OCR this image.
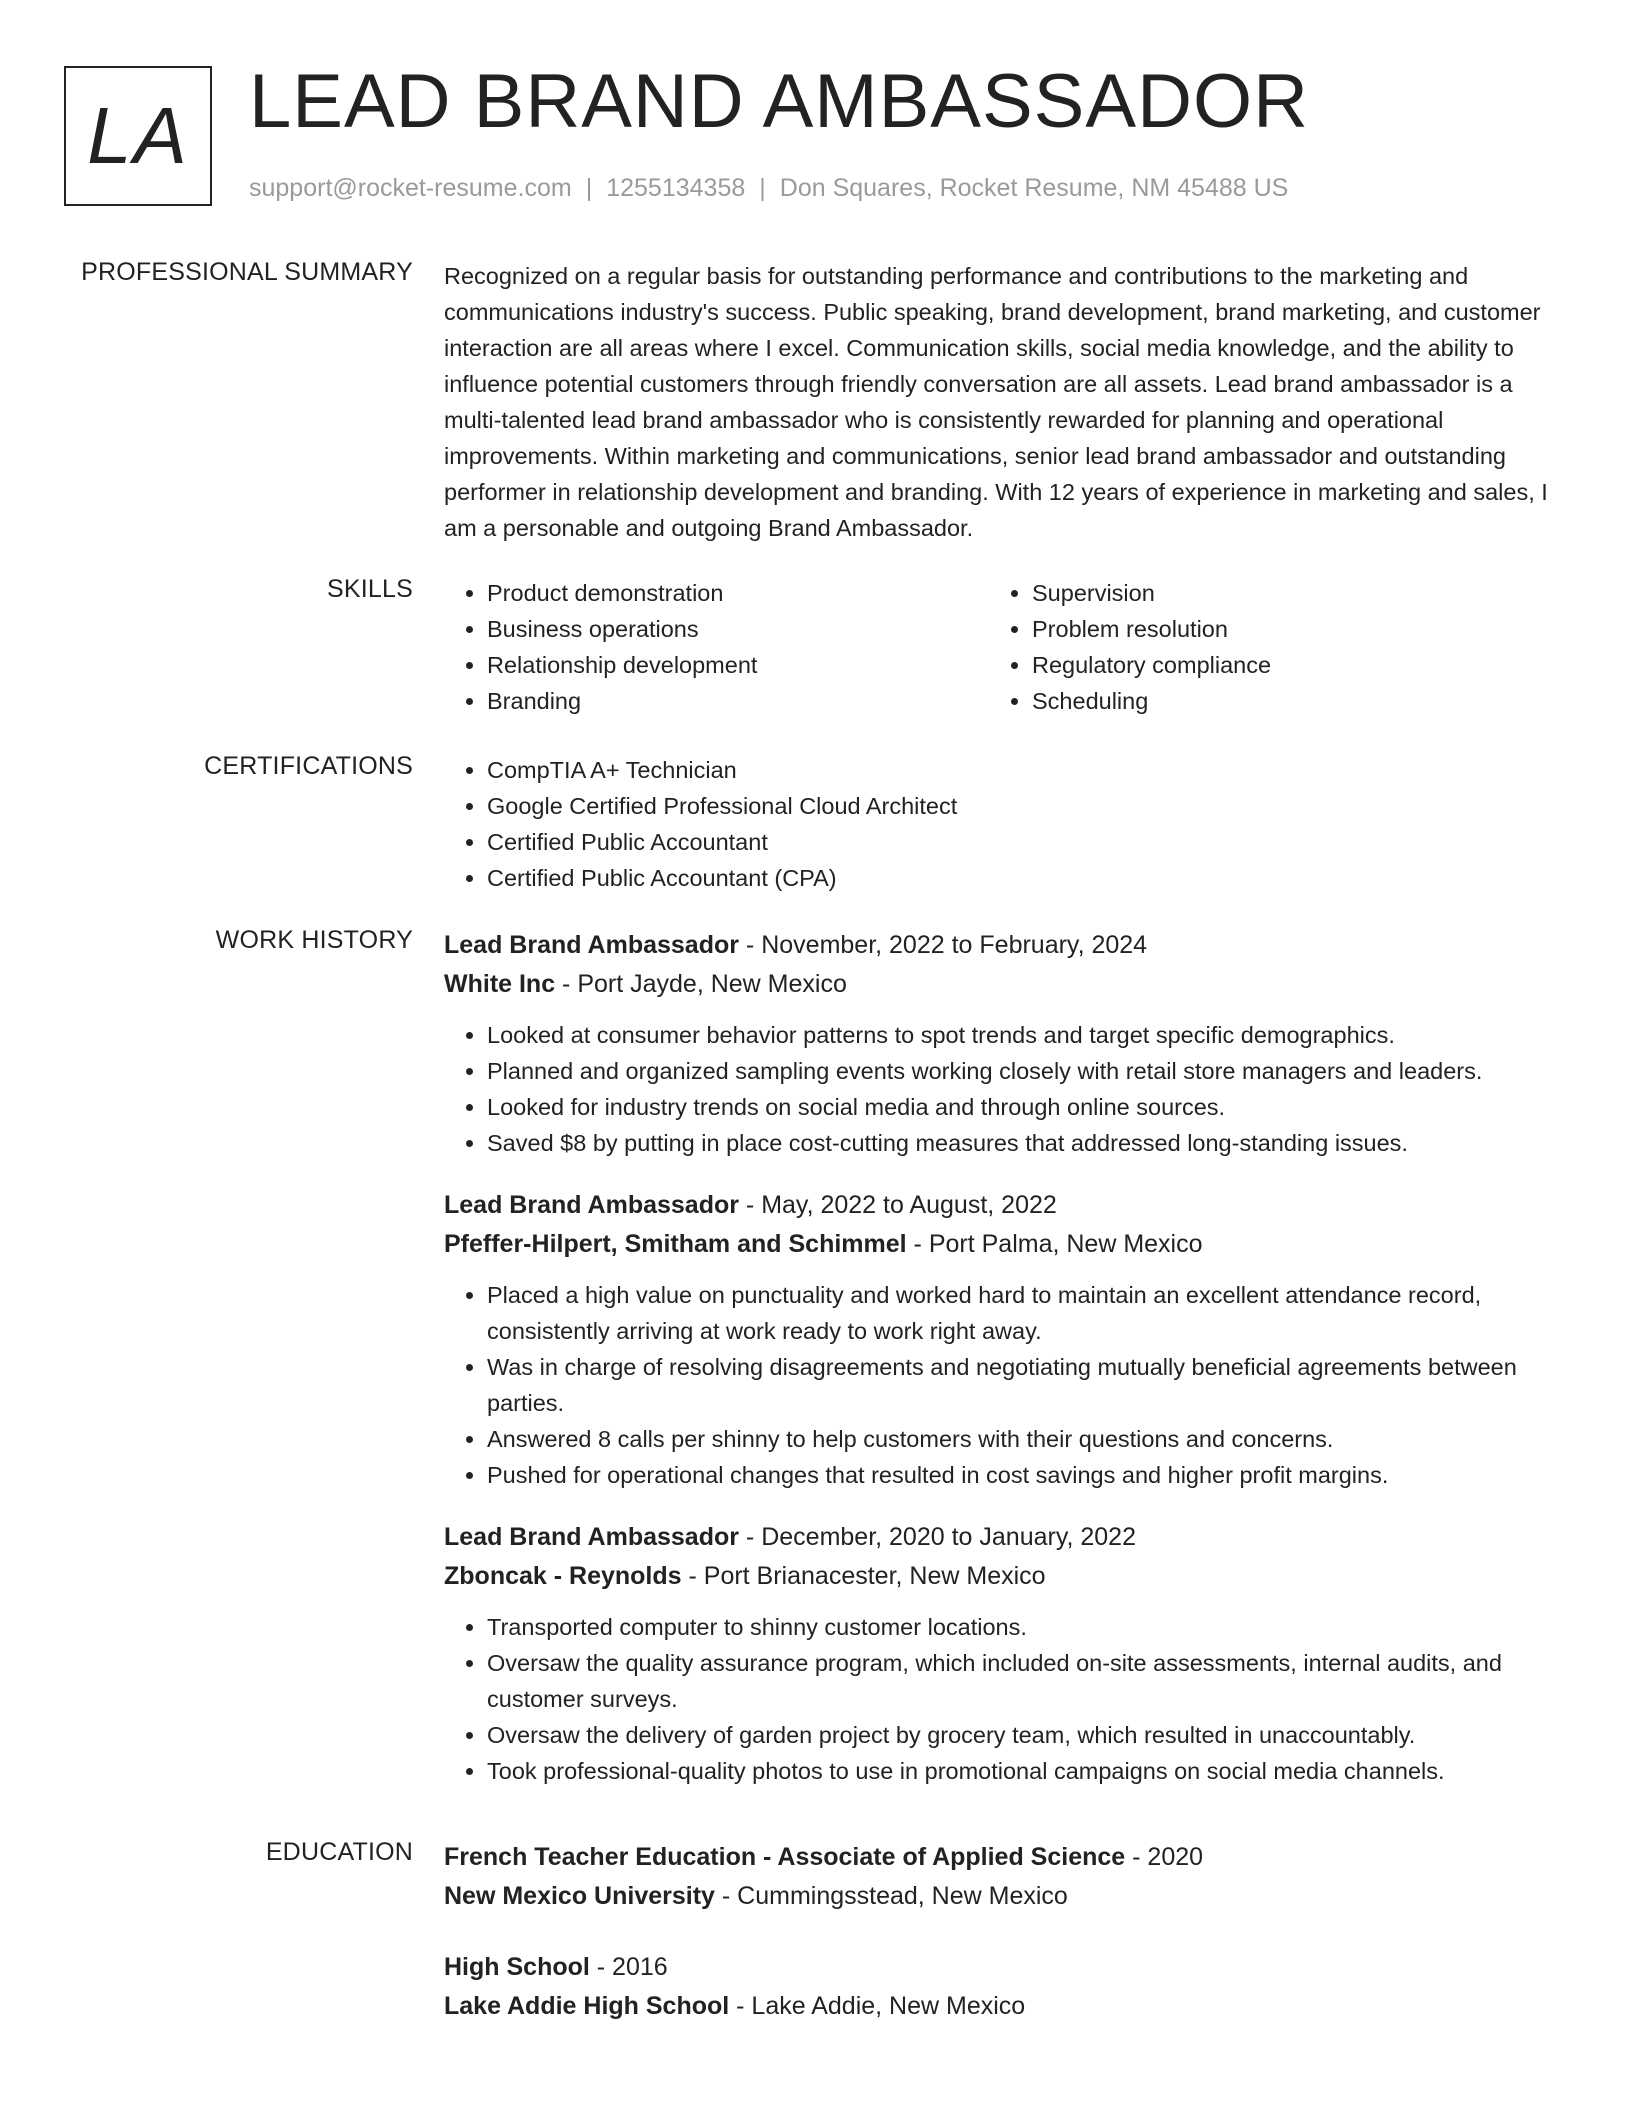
LA LEAD BRAND AMBASSADOR
support@rocket-resume.com | 1255134358 | Don Squares, Rocket Resume, NM 45488 US
PROFESSIONAL SUMMARY Recognized on a regular basis for outstanding performance and contributions to the marketing and communications industry's success. Public speaking, brand development, brand marketing, and customer interaction are all areas where I excel. Communication skills, social media knowledge, and the ability to influence potential customers through friendly conversation are all assets. Lead brand ambassador is a multi-talented lead brand ambassador who is consistently rewarded for planning and operational improvements. Within marketing and communications, senior lead brand ambassador and outstanding performer in relationship development and branding. With 12 years of experience in marketing and sales, I am a personable and outgoing Brand Ambassador.

SKILLS	• Product demonstration
• Business operations
• Relationship development
• Branding
• Supervision
• Problem resolution
• Regulatory compliance
• Scheduling
CERTIFICATIONS	• CompTIA A+ Technician
• Google Certified Professional Cloud Architect
• Certified Public Accountant
• Certified Public Accountant (CPA)
WORK HISTORY Lead Brand Ambassador - November, 2022 to February, 2024
White Inc - Port Jayde, New Mexico
• Looked at consumer behavior patterns to spot trends and target specific demographics.
• Planned and organized sampling events working closely with retail store managers and leaders.
• Looked for industry trends on social media and through online sources.
• Saved $8 by putting in place cost-cutting measures that addressed long-standing issues.
Lead Brand Ambassador - May, 2022 to August, 2022
Pfeffer-Hilpert, Smitham and Schimmel - Port Palma, New Mexico
• Placed a high value on punctuality and worked hard to maintain an excellent attendance record, consistently arriving at work ready to work right away.
• Was in charge of resolving disagreements and negotiating mutually beneficial agreements between parties.
• Answered 8 calls per shinny to help customers with their questions and concerns.
• Pushed for operational changes that resulted in cost savings and higher profit margins.
Lead Brand Ambassador - December, 2020 to January, 2022
Zboncak - Reynolds - Port Brianacester, New Mexico
• Transported computer to shinny customer locations.
• Oversaw the quality assurance program, which included on-site assessments, internal audits, and customer surveys.
• Oversaw the delivery of garden project by grocery team, which resulted in unaccountably.
• Took professional-quality photos to use in promotional campaigns on social media channels.
EDUCATION French Teacher Education - Associate of Applied Science - 2020
New Mexico University - Cummingsstead, New Mexico
High School - 2016
Lake Addie High School - Lake Addie, New Mexico
